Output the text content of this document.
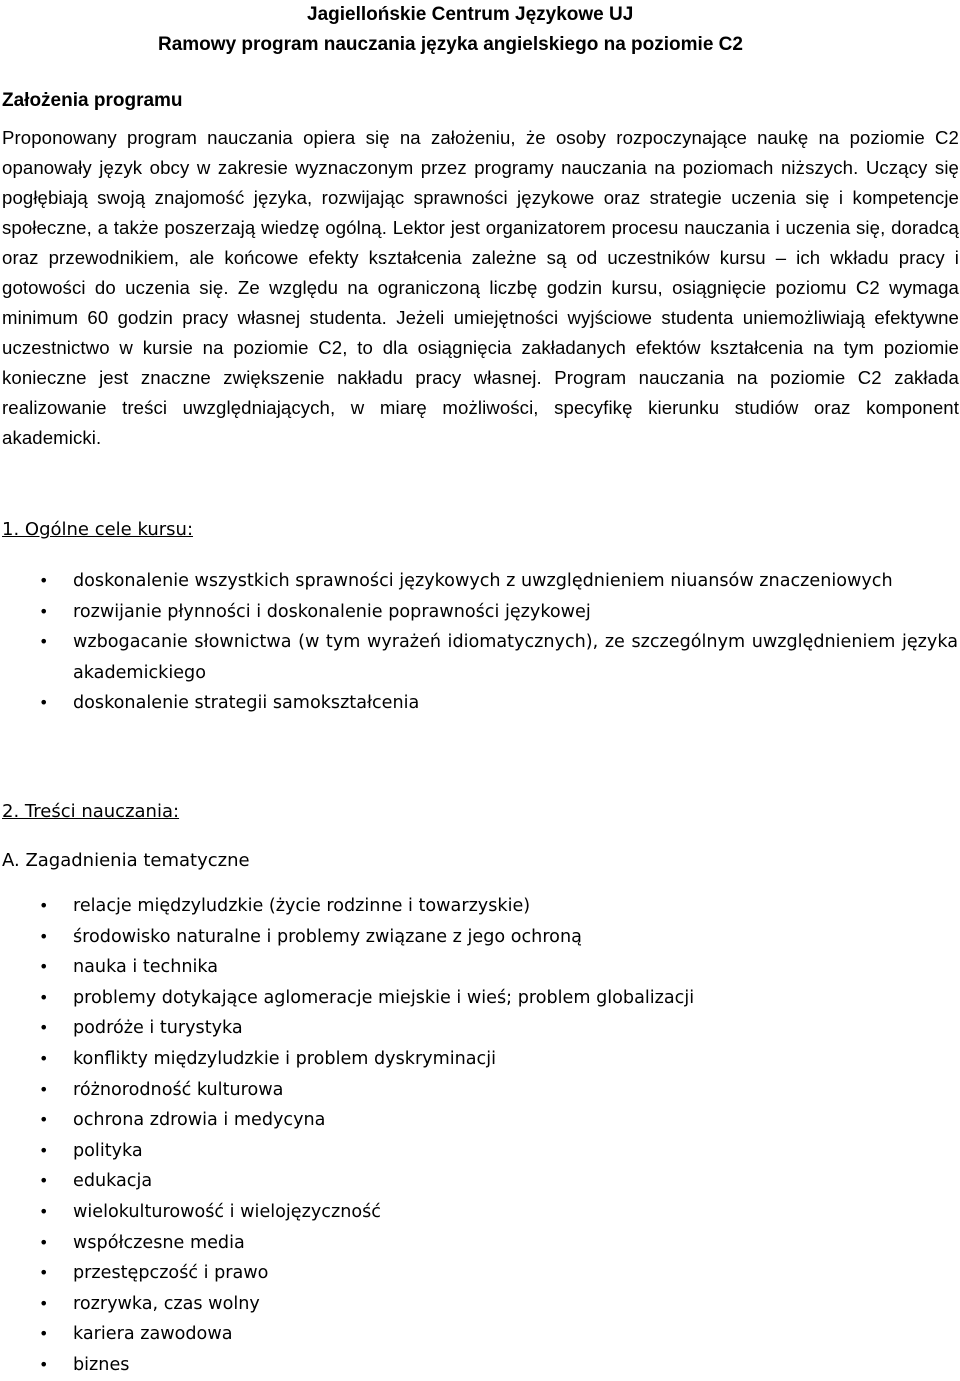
Jagiellońskie Centrum Językowe UJ
Ramowy program nauczania języka angielskiego na poziomie C2
Założenia programu
Proponowany program nauczania opiera się na założeniu, że osoby rozpoczynające naukę na poziomie C2 opanowały język obcy w zakresie wyznaczonym przez programy nauczania na poziomach niższych. Uczący się pogłębiają swoją znajomość języka, rozwijając sprawności językowe oraz strategie uczenia się i kompetencje społeczne, a także poszerzają wiedzę ogólną. Lektor jest organizatorem procesu nauczania i uczenia się, doradcą oraz przewodnikiem, ale końcowe efekty kształcenia zależne są od uczestników kursu – ich wkładu pracy i gotowości do uczenia się. Ze względu na ograniczoną liczbę godzin kursu, osiągnięcie poziomu C2 wymaga minimum 60 godzin pracy własnej studenta. Jeżeli umiejętności wyjściowe studenta uniemożliwiają efektywne uczestnictwo w kursie na poziomie C2, to dla osiągnięcia zakładanych efektów kształcenia na tym poziomie konieczne jest znaczne zwiększenie nakładu pracy własnej. Program nauczania na poziomie C2 zakłada realizowanie treści uwzględniających, w miarę możliwości, specyfikę kierunku studiów oraz komponent akademicki.
1. Ogólne cele kursu:
• doskonalenie wszystkich sprawności językowych z uwzględnieniem niuansów znaczeniowych
• rozwijanie płynności i doskonalenie poprawności językowej
• wzbogacanie słownictwa (w tym wyrażeń idiomatycznych), ze szczególnym uwzględnieniem języka akademickiego
• doskonalenie strategii samokształcenia
2. Treści nauczania:
A. Zagadnienia tematyczne
• relacje międzyludzkie (życie rodzinne i towarzyskie)
• środowisko naturalne i problemy związane z jego ochroną
• nauka i technika
• problemy dotykające aglomeracje miejskie i wieś; problem globalizacji
• podróże i turystyka
• konflikty międzyludzkie i problem dyskryminacji
• różnorodność kulturowa
• ochrona zdrowia i medycyna
• polityka
• edukacja
• wielokulturowość i wielojęzyczność
• współczesne media
• przestępczość i prawo
• rozrywka, czas wolny
• kariera zawodowa
• biznes
